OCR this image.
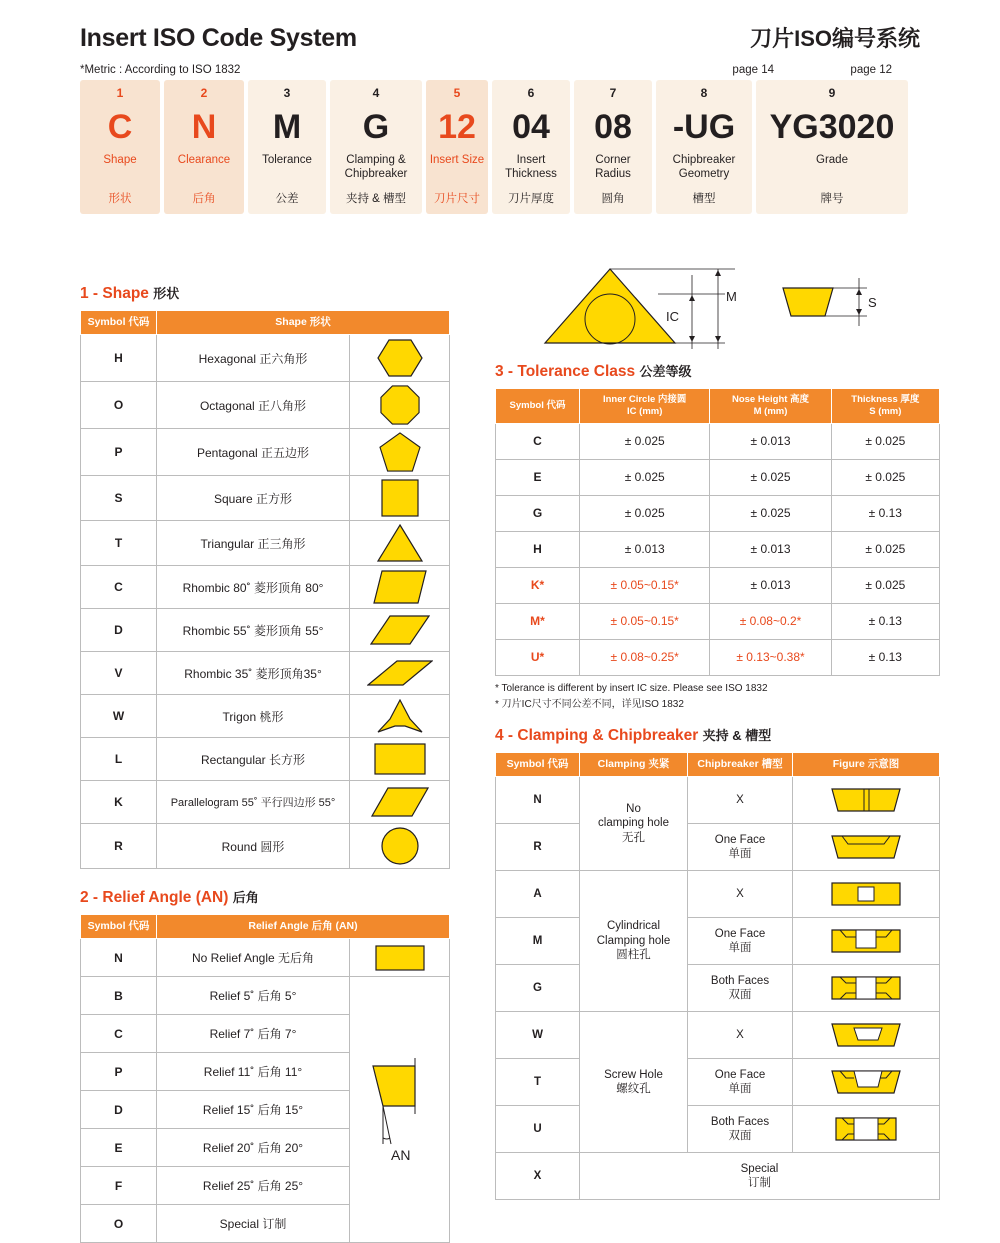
Insert ISO Code System	刀片ISO编号系统
*Metric : According to ISO 1832	page 14	page 12
1
C
Shape
形状
2
N
Clearance
后角
3
M
Tolerance
公差
4
G
Clamping & Chipbreaker
夹持 & 槽型
5
12
Insert Size
刀片尺寸
6
04
Insert Thickness
刀片厚度
7
08
Corner Radius
圆角
8
-UG
Chipbreaker Geometry
槽型
9
YG3020
Grade
牌号
1 - Shape 形状
Symbol 代码	Shape 形状	
H	Hexagonal 正六角形	

O	Octagonal 正八角形	

P	Pentagonal 正五边形	

S	Square 正方形	

T	Triangular 正三角形	

C	Rhombic 80˚ 菱形顶角 80°	

D	Rhombic 55˚ 菱形顶角 55°	

V	Rhombic 35˚ 菱形顶角35°	

W	Trigon 桃形	

L	Rectangular 长方形	

K	Parallelogram 55˚ 平行四边形 55°	

R	Round 圆形	
2 - Relief Angle (AN) 后角
Symbol 代码	Relief Angle 后角 (AN)	
N	No Relief Angle 无后角	

B	Relief 5˚ 后角 5°	AN

C	Relief 7˚ 后角 7°	
P	Relief 11˚ 后角 11°	
D	Relief 15˚ 后角 15°	
E	Relief 20˚ 后角 20°	
F	Relief 25˚ 后角 25°	
O	Special 订制	
IC
M	S
3 - Tolerance Class 公差等级
Symbol 代码	
Inner Circle 内接圆
IC (mm)

Nose Height 高度
M (mm)

Thickness 厚度
S (mm)

C	± 0.025	± 0.013	± 0.025
E	± 0.025	± 0.025	± 0.025
G	± 0.025	± 0.025	± 0.13
H	± 0.013	± 0.013	± 0.025
K*	± 0.05~0.15*	± 0.013	± 0.025
M*	± 0.05~0.15*	± 0.08~0.2*	± 0.13
U*	± 0.08~0.25*	± 0.13~0.38*	± 0.13
* Tolerance is different by insert IC size. Please see ISO 1832
* 刀片IC尺寸不同公差不同，详见ISO 1832
4 - Clamping & Chipbreaker 夹持 & 槽型
Symbol 代码	Clamping 夹紧	Chipbreaker 槽型	Figure 示意图
N	No
clamping hole
无孔	X	

R		One Face
单面

A	Cylindrical
Clamping hole
圆柱孔	X	

M		One Face
单面

G		Both Faces
双面

W	Screw Hole
螺纹孔	X	

T		One Face
单面

U		Both Faces
双面

X	Special
订制		
